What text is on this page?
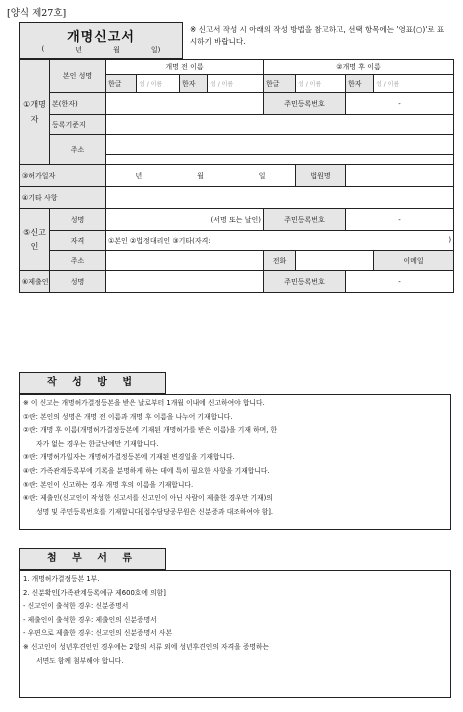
[양식 제27호]
개명신고서
(	년	월	일)
※ 신고서 작성 시 아래의 작성 방법을 참고하고, 선택 항목에는 '영표(○)'로 표시하기 바랍니다.
①개명자	본인 성명	개명 전 이름				②개명 후 이름				
		한글	성 / 이름	한자	성 / 이름	한글	성 / 이름	한자	성 / 이름	
	본(한자)					주민등록번호		-		
	등록기준지									
	주소									

③허가일자		년 월 일					법원명			
④기타 사항										
⑤신고인	성명	(서명 또는 날인)				주민등록번호		-		
	자격	①본인 ②법정대리인 ③기타(자격: )								

	주소					전화			이메일	
⑥제출인	성명					주민등록번호		-		
작 성 방 법

※ 이 신고는 개명허가결정등본을 받은 날로부터 1개월 이내에 신고하여야 합니다.

①란: 본인의 성명은 개명 전 이름과 개명 후 이름을 나누어 기재합니다.

②란: 개명 후 이름(개명허가결정등본에 기재된 개명허가를 받은 이름)을 기재 하며, 한

자가 없는 경우는 한글난에만 기재합니다.

③란: 개명허가일자는 개명허가결정등본에 기재된 변경일을 기재합니다.

④란: 가족관계등록부에 기록을 분명하게 하는 데에 특히 필요한 사항을 기재합니다.

⑤란: 본인이 신고하는 경우 개명 후의 이름을 기재합니다.

⑥란: 제출인(신고인이 작성한 신고서를 신고인이 아닌 사람이 제출한 경우만 기재)의

성명 및 주민등록번호를 기재합니다[접수담당공무원은 신분증과 대조하여야 함].

첨 부 서 류

1. 개명허가결정등본 1부.

2. 신분확인[가족관계등록예규 제600호에 의함]

- 신고인이 출석한 경우: 신분증명서

- 제출인이 출석한 경우: 제출인의 신분증명서

- 우편으로 제출한 경우: 신고인의 신분증명서 사본

※ 신고인이 성년후견인인 경우에는 2항의 서류 외에 성년후견인의 자격을 증명하는

서면도 함께 첨부해야 합니다.
